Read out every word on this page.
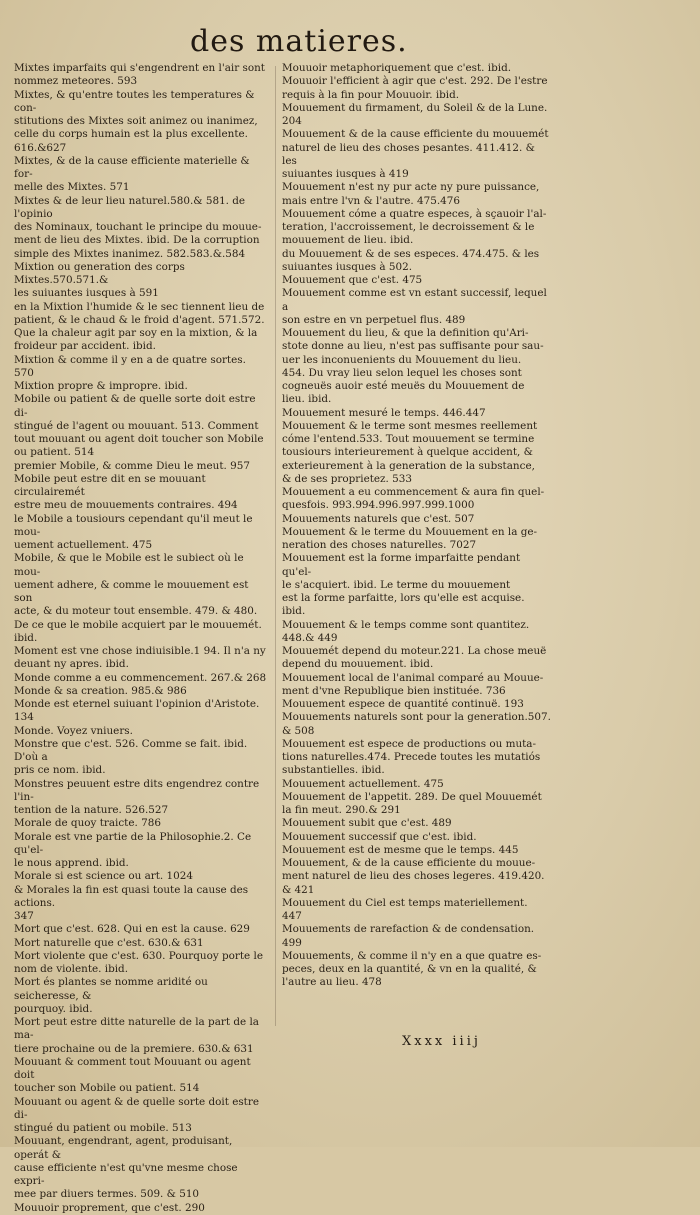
des matieres.

Mixtes imparfaits qui s'engendrent en l'air sont
nommez meteores. 593

Mixtes, & qu'entre toutes les temperatures & con-
stitutions des Mixtes soit animez ou inanimez,
celle du corps humain est la plus excellente.
616.&627

Mixtes, & de la cause efficiente materielle & for-
melle des Mixtes. 571

Mixtes & de leur lieu naturel.580.& 581. de l'opinio
des Nominaux, touchant le principe du mouue-
ment de lieu des Mixtes. ibid. De la corruption
simple des Mixtes inanimez. 582.583.&.584

Mixtion ou generation des corps Mixtes.570.571.&
les suiuantes iusques à 591

en la Mixtion l'humide & le sec tiennent lieu de
patient, & le chaud & le froid d'agent. 571.572.

Que la chaleur agit par soy en la mixtion, & la
froideur par accident. ibid.

Mixtion & comme il y en a de quatre sortes. 570

Mixtion propre & impropre. ibid.

Mobile ou patient & de quelle sorte doit estre di-
stingué de l'agent ou mouuant. 513. Comment
tout mouuant ou agent doit toucher son Mobile
ou patient. 514

premier Mobile, & comme Dieu le meut. 957

Mobile peut estre dit en se mouuant circulairemét
estre meu de mouuements contraires. 494

le Mobile a tousiours cependant qu'il meut le mou-
uement actuellement. 475

Mobile, & que le Mobile est le subiect où le mou-
uement adhere, & comme le mouuement est son
acte, & du moteur tout ensemble. 479. & 480.
De ce que le mobile acquiert par le mouuemét.
ibid.

Moment est vne chose indiuisible.1 94. Il n'a ny
deuant ny apres. ibid.

Monde comme a eu commencement. 267.& 268

Monde & sa creation. 985.& 986

Monde est eternel suiuant l'opinion d'Aristote.
134

Monde. Voyez vniuers.

Monstre que c'est. 526. Comme se fait. ibid. D'où a
pris ce nom. ibid.

Monstres peuuent estre dits engendrez contre l'in-
tention de la nature. 526.527

Morale de quoy traicte. 786

Morale est vne partie de la Philosophie.2. Ce qu'el-
le nous apprend. ibid.

Morale si est science ou art. 1024

& Morales la fin est quasi toute la cause des actions.
347

Mort que c'est. 628. Qui en est la cause. 629

Mort naturelle que c'est. 630.& 631

Mort violente que c'est. 630. Pourquoy porte le
nom de violente. ibid.

Mort és plantes se nomme aridité ou seicheresse, &
pourquoy. ibid.

Mort peut estre ditte naturelle de la part de la ma-
tiere prochaine ou de la premiere. 630.& 631

Mouuant & comment tout Mouuant ou agent doit
toucher son Mobile ou patient. 514

Mouuant ou agent & de quelle sorte doit estre di-
stingué du patient ou mobile. 513

Mouuant, engendrant, agent, produisant, operát &
cause efficiente n'est qu'vne mesme chose expri-
mee par diuers termes. 509. & 510

Mouuoir proprement, que c'est. 290

Mouuoir metaphoriquement que c'est. ibid.

Mouuoir l'efficient à agir que c'est. 292. De l'estre
requis à la fin pour Mouuoir. ibid.

Mouuement du firmament, du Soleil & de la Lune.
204

Mouuement & de la cause efficiente du mouuemét
naturel de lieu des choses pesantes. 411.412. & les
suiuantes iusques à 419

Mouuement n'est ny pur acte ny pure puissance,
mais entre l'vn & l'autre. 475.476

Mouuement cóme a quatre especes, à sçauoir l'al-
teration, l'accroissement, le decroissement & le
mouuement de lieu. ibid.

du Mouuement & de ses especes. 474.475. & les
suiuantes iusques à 502.

Mouuement que c'est. 475

Mouuement comme est vn estant successif, lequel a
son estre en vn perpetuel flus. 489

Mouuement du lieu, & que la definition qu'Ari-
stote donne au lieu, n'est pas suffisante pour sau-
uer les inconuenients du Mouuement du lieu.
454. Du vray lieu selon lequel les choses sont
cogneuës auoir esté meuës du Mouuement de
lieu. ibid.

Mouuement mesuré le temps. 446.447

Mouuement & le terme sont mesmes reellement
cóme l'entend.533. Tout mouuement se termine
tousiours interieurement à quelque accident, &
exterieurement à la generation de la substance,
& de ses proprietez. 533

Mouuement a eu commencement & aura fin quel-
quesfois. 993.994.996.997.999.1000

Mouuements naturels que c'est. 507

Mouuement & le terme du Mouuement en la ge-
neration des choses naturelles. 7027

Mouuement est la forme imparfaitte pendant qu'el-
le s'acquiert. ibid. Le terme du mouuement
est la forme parfaitte, lors qu'elle est acquise.
ibid.

Mouuement & le temps comme sont quantitez.
448.& 449

Mouuemét depend du moteur.221. La chose meuë
depend du mouuement. ibid.

Mouuement local de l'animal comparé au Mouue-
ment d'vne Republique bien instituée. 736

Mouuement espece de quantité continuë. 193

Mouuements naturels sont pour la generation.507.
& 508

Mouuement est espece de productions ou muta-
tions naturelles.474. Precede toutes les mutatiós
substantielles. ibid.

Mouuement actuellement. 475

Mouuement de l'appetit. 289. De quel Mouuemét
la fin meut. 290.& 291

Mouuement subit que c'est. 489

Mouuement successif que c'est. ibid.

Mouuement est de mesme que le temps. 445

Mouuement, & de la cause efficiente du mouue-
ment naturel de lieu des choses legeres. 419.420.
& 421

Mouuement du Ciel est temps materiellement.
447

Mouuements de rarefaction & de condensation.
499

Mouuements, & comme il n'y en a que quatre es-
peces, deux en la quantité, & vn en la qualité, &
l'autre au lieu. 478

Xxxx iiij
